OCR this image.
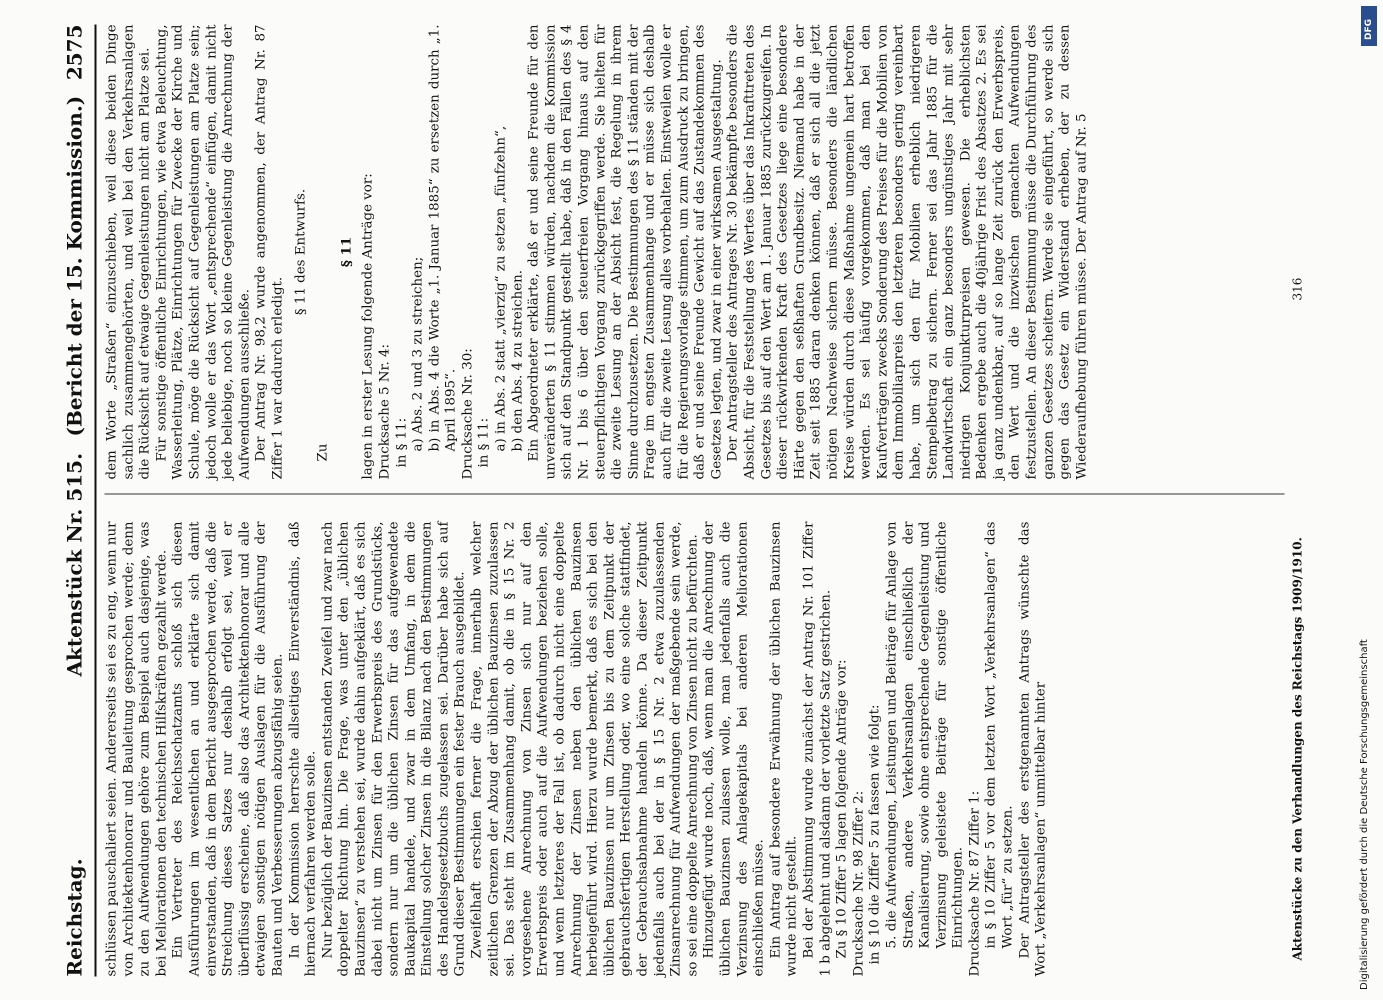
Reichstag.
Aktenstück Nr. 515.
(Bericht der 15. Kommission.)
2575

schlüssen pauschaliert seien. Andererseits sei es zu eng, wenn nur von Architektenhonorar und Bauleitung gesprochen werde; denn zu den Aufwendungen gehöre zum Beispiel auch dasjenige, was bei Meliorationen den technischen Hilfskräften gezahlt werde. Ein Vertreter des Reichsschatzamts schloß sich diesen Ausführungen im wesentlichen an und erklärte sich damit einverstanden, daß in dem Bericht ausgesprochen werde, daß die Streichung dieses Satzes nur deshalb erfolgt sei, weil er überflüssig erscheine, daß also das Architektenhonorar und alle etwaigen sonstigen nötigen Auslagen für die Ausführung der Bauten und Verbesserungen abzugsfähig seien. In der Kommission herrschte allseitiges Einverständnis, daß hiernach verfahren werden solle. Nur bezüglich der Bauzinsen entstanden Zweifel und zwar nach doppelter Richtung hin. Die Frage, was unter den „üblichen Bauzinsen“ zu verstehen sei, wurde dahin aufgeklärt, daß es sich dabei nicht um Zinsen für den Erwerbspreis des Grundstücks, sondern nur um die üblichen Zinsen für das aufgewendete Baukapital handele, und zwar in dem Umfang, in dem die Einstellung solcher Zinsen in die Bilanz nach den Bestimmungen des Handelsgesetzbuchs zugelassen sei. Darüber habe sich auf Grund dieser Bestimmungen ein fester Brauch ausgebildet. Zweifelhaft erschien ferner die Frage, innerhalb welcher zeitlichen Grenzen der Abzug der üblichen Bauzinsen zuzulassen sei. Das steht im Zusammenhang damit, ob die in § 15 Nr. 2 vorgesehene Anrechnung von Zinsen sich nur auf den Erwerbspreis oder auch auf die Aufwendungen beziehen solle, und wenn letzteres der Fall ist, ob dadurch nicht eine doppelte Anrechnung der Zinsen neben den üblichen Bauzinsen herbeigeführt wird. Hierzu wurde bemerkt, daß es sich bei den üblichen Bauzinsen nur um Zinsen bis zu dem Zeitpunkt der gebrauchsfertigen Herstellung oder, wo eine solche stattfindet, der Gebrauchsabnahme handeln könne. Da dieser Zeitpunkt jedenfalls auch bei der in § 15 Nr. 2 etwa zuzulassenden Zinsanrechnung für Aufwendungen der maßgebende sein werde, so sei eine doppelte Anrechnung von Zinsen nicht zu befürchten. Hinzugefügt wurde noch, daß, wenn man die Anrechnung der üblichen Bauzinsen zulassen wolle, man jedenfalls auch die Verzinsung des Anlagekapitals bei anderen Meliorationen einschließen müsse. Ein Antrag auf besondere Erwähnung der üblichen Bauzinsen wurde nicht gestellt. Bei der Abstimmung wurde zunächst der Antrag Nr. 101 Ziffer 1 b abgelehnt und alsdann der vorletzte Satz gestrichen. Zu § 10 Ziffer 5 lagen folgende Anträge vor: Drucksache Nr. 98 Ziffer 2: in § 10 die Ziffer 5 zu fassen wie folgt: 5. die Aufwendungen, Leistungen und Beiträge für Anlage von Straßen, andere Verkehrsanlagen einschließlich der Kanalisierung, sowie ohne entsprechende Gegenleistung und Verzinsung geleistete Beiträge für sonstige öffentliche Einrichtungen. Drucksache Nr. 87 Ziffer 1: in § 10 Ziffer 5 vor dem letzten Wort „Verkehrsanlagen“ das Wort „für“ zu setzen. Der Antragsteller des erstgenannten Antrags wünschte das Wort „Verkehrsanlagen“ unmittelbar hinter

dem Worte „Straßen“ einzuschieben, weil diese beiden Dinge sachlich zusammengehörten, und weil bei den Verkehrsanlagen die Rücksicht auf etwaige Gegenleistungen nicht am Platze sei. Für sonstige öffentliche Einrichtungen, wie etwa Beleuchtung, Wasserleitung, Plätze, Einrichtungen für Zwecke der Kirche und Schule, möge die Rücksicht auf Gegenleistungen am Platze sein; jedoch wolle er das Wort „entsprechende“ einfügen, damit nicht jede beliebige, noch so kleine Gegenleistung die Anrechnung der Aufwendungen ausschließe. Der Antrag Nr. 98,2 wurde angenommen, der Antrag Nr. 87 Ziffer 1 war dadurch erledigt.

§ 11 des Entwurfs.

Zu

§ 11 lagen in erster Lesung folgende Anträge vor: Drucksache 5 Nr. 4: in § 11: a) Abs. 2 und 3 zu streichen; b) in Abs. 4 die Worte „1. Januar 1885“ zu ersetzen durch „1. April 1895“. Drucksache Nr. 30: in § 11: a) in Abs. 2 statt „vierzig“ zu setzen „fünfzehn“, b) den Abs. 4 zu streichen. Ein Abgeordneter erklärte, daß er und seine Freunde für den unveränderten § 11 stimmen würden, nachdem die Kommission sich auf den Standpunkt gestellt habe, daß in den Fällen des § 4 Nr. 1 bis 6 über den steuerfreien Vorgang hinaus auf den steuerpflichtigen Vorgang zurückgegriffen werde. Sie hielten für die zweite Lesung an der Absicht fest, die Regelung in ihrem Sinne durchzusetzen. Die Bestimmungen des § 11 ständen mit der Frage im engsten Zusammenhange und er müsse sich deshalb auch für die zweite Lesung alles vorbehalten. Einstweilen wolle er für die Regierungsvorlage stimmen, um zum Ausdruck zu bringen, daß er und seine Freunde Gewicht auf das Zustandekommen des Gesetzes legten, und zwar in einer wirksamen Ausgestaltung. Der Antragsteller des Antrages Nr. 30 bekämpfte besonders die Absicht, für die Feststellung des Wertes über das Inkrafttreten des Gesetzes bis auf den Wert am 1. Januar 1885 zurückzugreifen. In dieser rückwirkenden Kraft des Gesetzes liege eine besondere Härte gegen den seßhaften Grundbesitz. Niemand habe in der Zeit seit 1885 daran denken können, daß er sich all die jetzt nötigen Nachweise sichern müsse. Besonders die ländlichen Kreise würden durch diese Maßnahme ungemein hart betroffen werden. Es sei häufig vorgekommen, daß man bei den Kaufverträgen zwecks Sonderung des Preises für die Mobilien von dem Immobiliarpreis den letzteren besonders gering vereinbart habe, um sich den für Mobilien erheblich niedrigeren Stempelbetrag zu sichern. Ferner sei das Jahr 1885 für die Landwirtschaft ein ganz besonders ungünstiges Jahr mit sehr niedrigen Konjunkturpreisen gewesen. Die erheblichsten Bedenken ergebe auch die 40jährige Frist des Absatzes 2. Es sei ja ganz undenkbar, auf so lange Zeit zurück den Erwerbspreis, den Wert und die inzwischen gemachten Aufwendungen festzustellen. An dieser Bestimmung müsse die Durchführung des ganzen Gesetzes scheitern. Werde sie eingeführt, so werde sich gegen das Gesetz ein Widerstand erheben, der zu dessen Wiederaufhebung führen müsse. Der Antrag auf Nr. 5

Aktenstücke zu den Verhandlungen des Reichstags 1909/1910.
316
Digitalisierung gefördert durch die Deutsche Forschungsgemeinschaft
DFG
